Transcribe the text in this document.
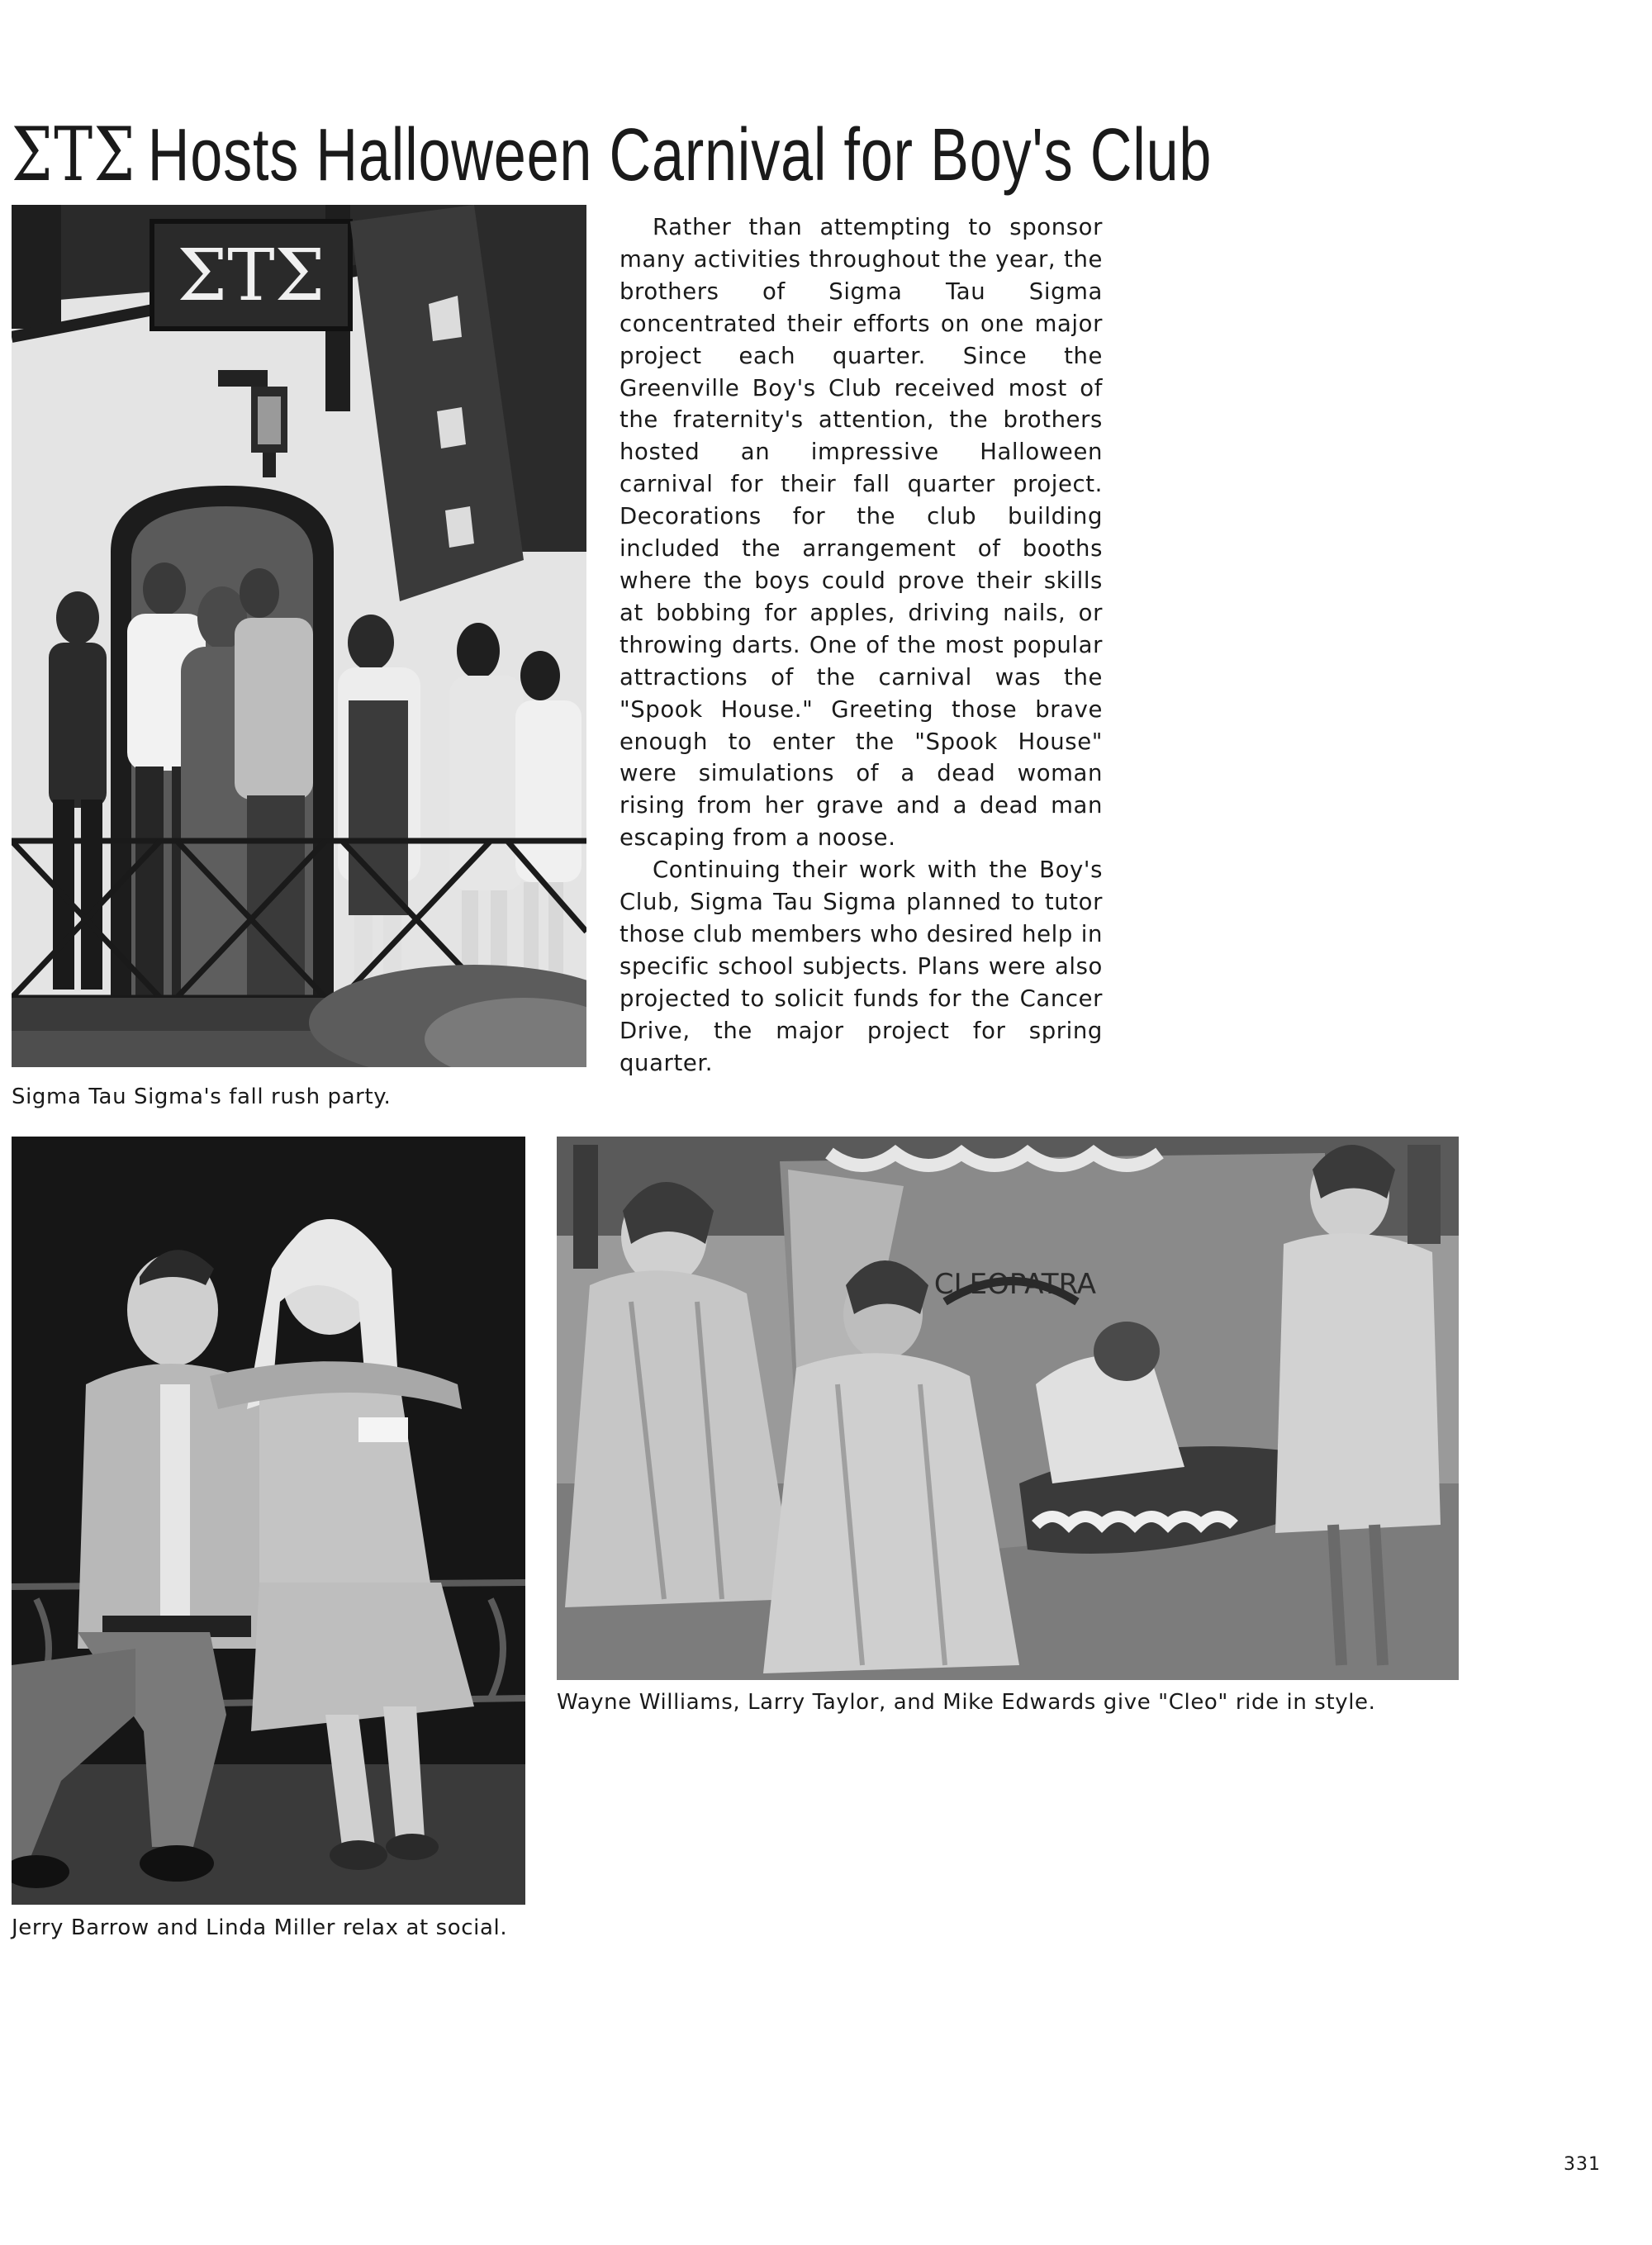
ΣΤΣ Hosts Halloween Carnival for Boy's Club
ΣΤΣ
Sigma Tau Sigma's fall rush party.

Rather than attempting to sponsor many activities throughout the year, the brothers of Sigma Tau Sigma concentrated their efforts on one major project each quarter. Since the Greenville Boy's Club received most of the fraternity's attention, the brothers hosted an impressive Halloween carnival for their fall quarter project. Decorations for the club building included the arrangement of booths where the boys could prove their skills at bobbing for apples, driving nails, or throwing darts. One of the most popular attractions of the carnival was the "Spook House." Greeting those brave enough to enter the "Spook House" were simulations of a dead woman rising from her grave and a dead man escaping from a noose.

Continuing their work with the Boy's Club, Sigma Tau Sigma planned to tutor those club members who desired help in specific school subjects. Plans were also projected to solicit funds for the Cancer Drive, the major project for spring quarter.

Jerry Barrow and Linda Miller relax at social.
CLEOPATRA
Wayne Williams, Larry Taylor, and Mike Edwards give "Cleo" ride in style.
331
